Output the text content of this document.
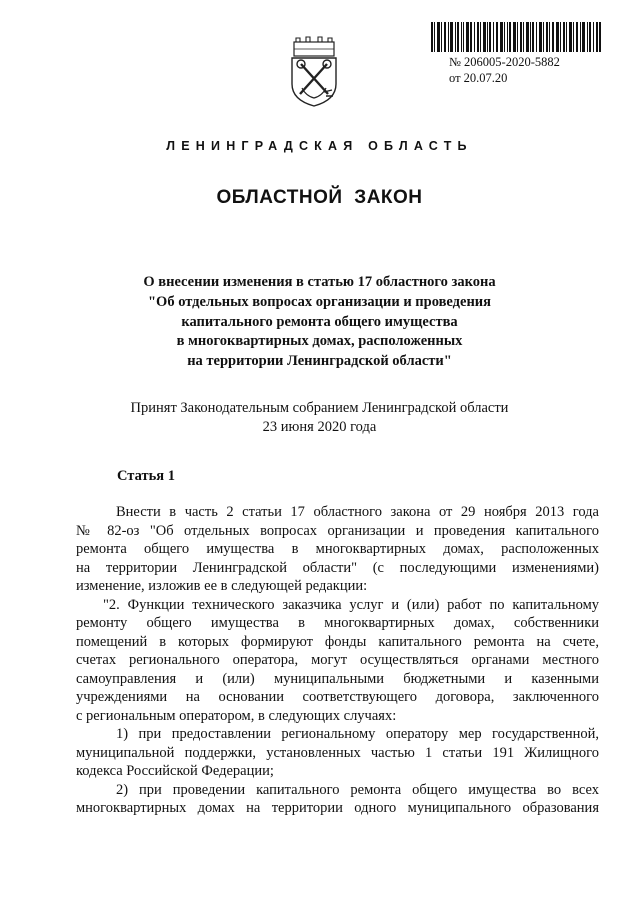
№ 206005-2020-5882
от 20.07.20
ЛЕНИНГРАДСКАЯ ОБЛАСТЬ
ОБЛАСТНОЙ ЗАКОН
О внесении изменения в статью 17 областного закона
"Об отдельных вопросах организации и проведения
капитального ремонта общего имущества
в многоквартирных домах, расположенных
на территории Ленинградской области"
Принят Законодательным собранием Ленинградской области
23 июня 2020 года
Статья 1
Внести в часть 2 статьи 17 областного закона от 29 ноября 2013 года
№ 82-оз "Об отдельных вопросах организации и проведения капитального
ремонта общего имущества в многоквартирных домах, расположенных
на территории Ленинградской области" (с последующими изменениями)
изменение, изложив ее в следующей редакции:
"2. Функции технического заказчика услуг и (или) работ по капитальному
ремонту общего имущества в многоквартирных домах, собственники
помещений в которых формируют фонды капитального ремонта на счете,
счетах регионального оператора, могут осуществляться органами местного
самоуправления и (или) муниципальными бюджетными и казенными
учреждениями на основании соответствующего договора, заключенного
с региональным оператором, в следующих случаях:
1) при предоставлении региональному оператору мер государственной,
муниципальной поддержки, установленных частью 1 статьи 191 Жилищного
кодекса Российской Федерации;
2) при проведении капитального ремонта общего имущества во всех
многоквартирных домах на территории одного муниципального образования
